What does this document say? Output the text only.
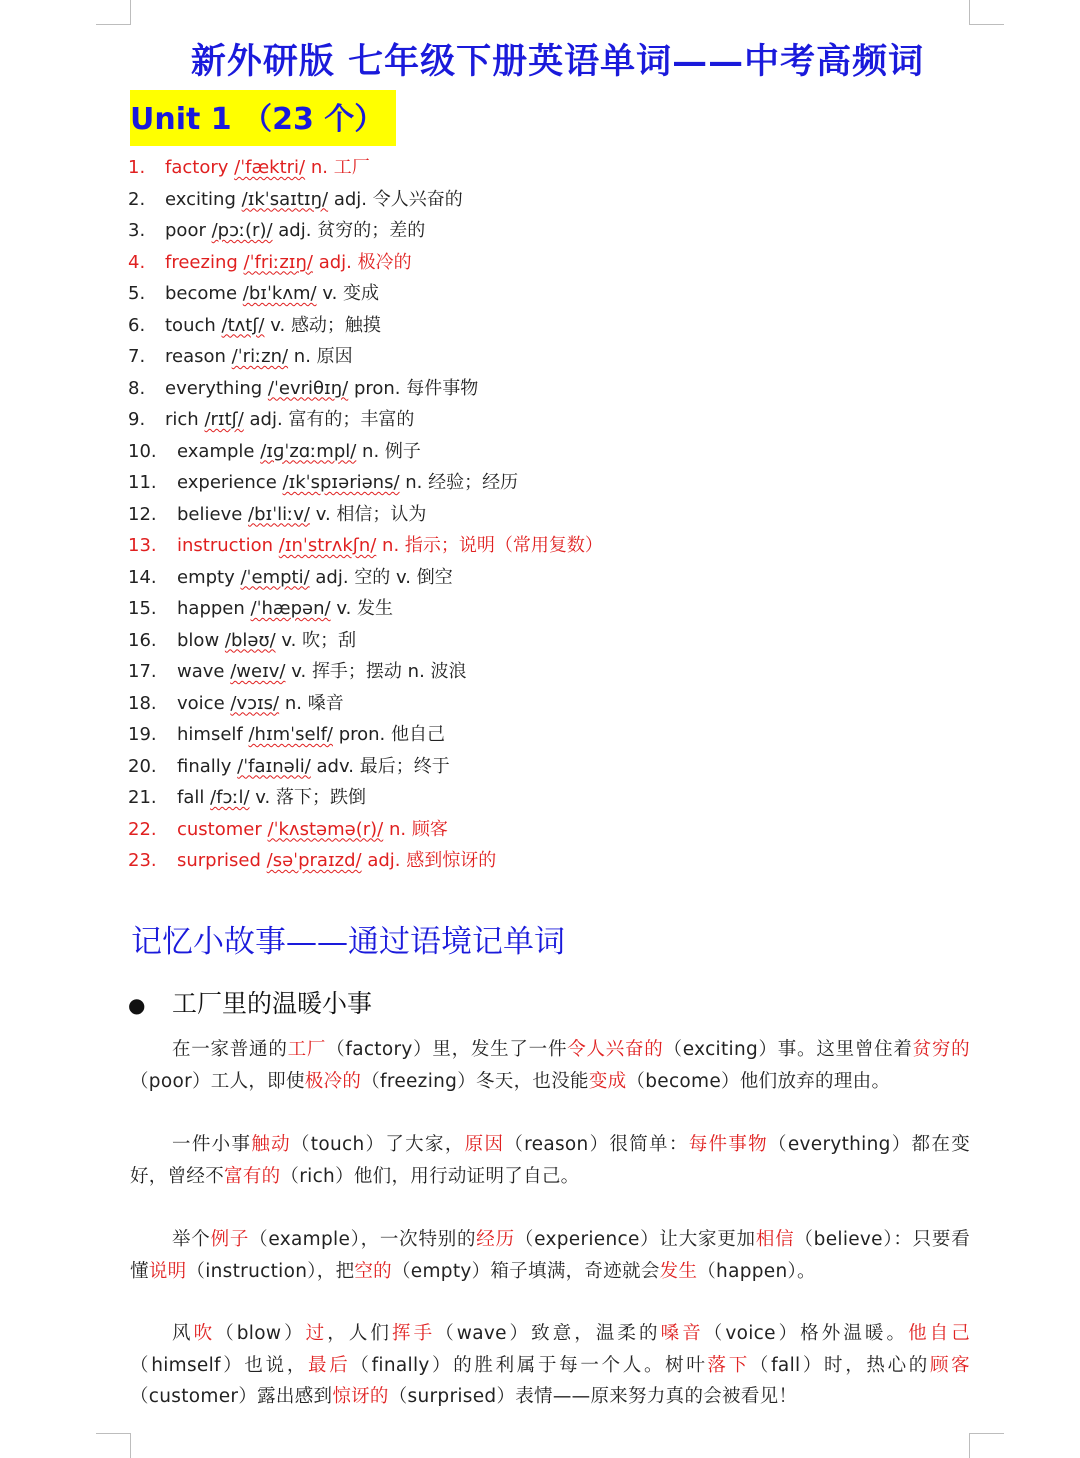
新外研版 七年级下册英语单词——中考高频词
Unit 1 （23 个）
1. factory /ˈfæktri/ n. 工厂
2. exciting /ɪkˈsaɪtɪŋ/ adj. 令人兴奋的
3. poor /pɔː(r)/ adj. 贫穷的；差的
4. freezing /ˈfriːzɪŋ/ adj. 极冷的
5. become /bɪˈkʌm/ v. 变成
6. touch /tʌtʃ/ v. 感动；触摸
7. reason /ˈriːzn/ n. 原因
8. everything /ˈevriθɪŋ/ pron. 每件事物
9. rich /rɪtʃ/ adj. 富有的；丰富的
10. example /ɪɡˈzɑːmpl/ n. 例子
11. experience /ɪkˈspɪəriəns/ n. 经验；经历
12. believe /bɪˈliːv/ v. 相信；认为
13. instruction /ɪnˈstrʌkʃn/ n. 指示；说明（常用复数）
14. empty /ˈempti/ adj. 空的 v. 倒空
15. happen /ˈhæpən/ v. 发生
16. blow /bləʊ/ v. 吹；刮
17. wave /weɪv/ v. 挥手；摆动 n. 波浪
18. voice /vɔɪs/ n. 嗓音
19. himself /hɪmˈself/ pron. 他自己
20. finally /ˈfaɪnəli/ adv. 最后；终于
21. fall /fɔːl/ v. 落下；跌倒
22. customer /ˈkʌstəmə(r)/ n. 顾客
23. surprised /səˈpraɪzd/ adj. 感到惊讶的
记忆小故事——通过语境记单词
● 工厂里的温暖小事
在一家普通的工厂（factory）里，发生了一件令人兴奋的（exciting）事。这里曾住着贫穷的（poor）工人，即使极冷的（freezing）冬天，也没能变成（become）他们放弃的理由。
一件小事触动（touch）了大家，原因（reason）很简单：每件事物（everything）都在变好，曾经不富有的（rich）他们，用行动证明了自己。
举个例子（example），一次特别的经历（experience）让大家更加相信（believe）：只要看懂说明（instruction），把空的（empty）箱子填满，奇迹就会发生（happen）。
风吹（blow）过，人们挥手（wave）致意，温柔的嗓音（voice）格外温暖。他自己（himself）也说，最后（finally）的胜利属于每一个人。树叶落下（fall）时，热心的顾客（customer）露出感到惊讶的（surprised）表情——原来努力真的会被看见！
